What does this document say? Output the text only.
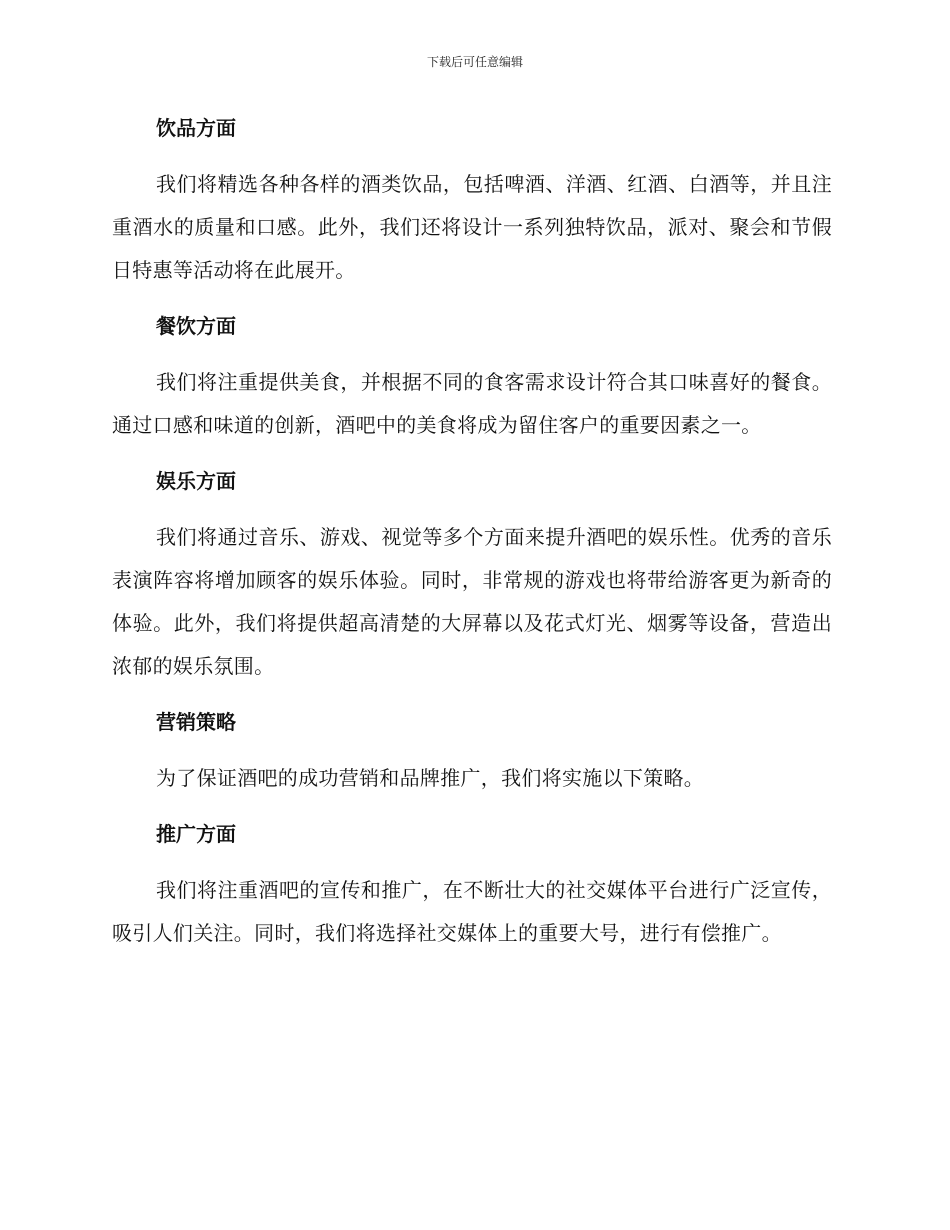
下载后可任意编辑
饮品方面

我们将精选各种各样的酒类饮品，包括啤酒、洋酒、红酒、白酒等，并且注重酒水的质量和口感。此外，我们还将设计一系列独特饮品，派对、聚会和节假日特惠等活动将在此展开。

餐饮方面

我们将注重提供美食，并根据不同的食客需求设计符合其口味喜好的餐食。通过口感和味道的创新，酒吧中的美食将成为留住客户的重要因素之一。

娱乐方面

我们将通过音乐、游戏、视觉等多个方面来提升酒吧的娱乐性。优秀的音乐表演阵容将增加顾客的娱乐体验。同时，非常规的游戏也将带给游客更为新奇的体验。此外，我们将提供超高清楚的大屏幕以及花式灯光、烟雾等设备，营造出浓郁的娱乐氛围。

营销策略

为了保证酒吧的成功营销和品牌推广，我们将实施以下策略。

推广方面

我们将注重酒吧的宣传和推广，在不断壮大的社交媒体平台进行广泛宣传，吸引人们关注。同时，我们将选择社交媒体上的重要大号，进行有偿推广。
